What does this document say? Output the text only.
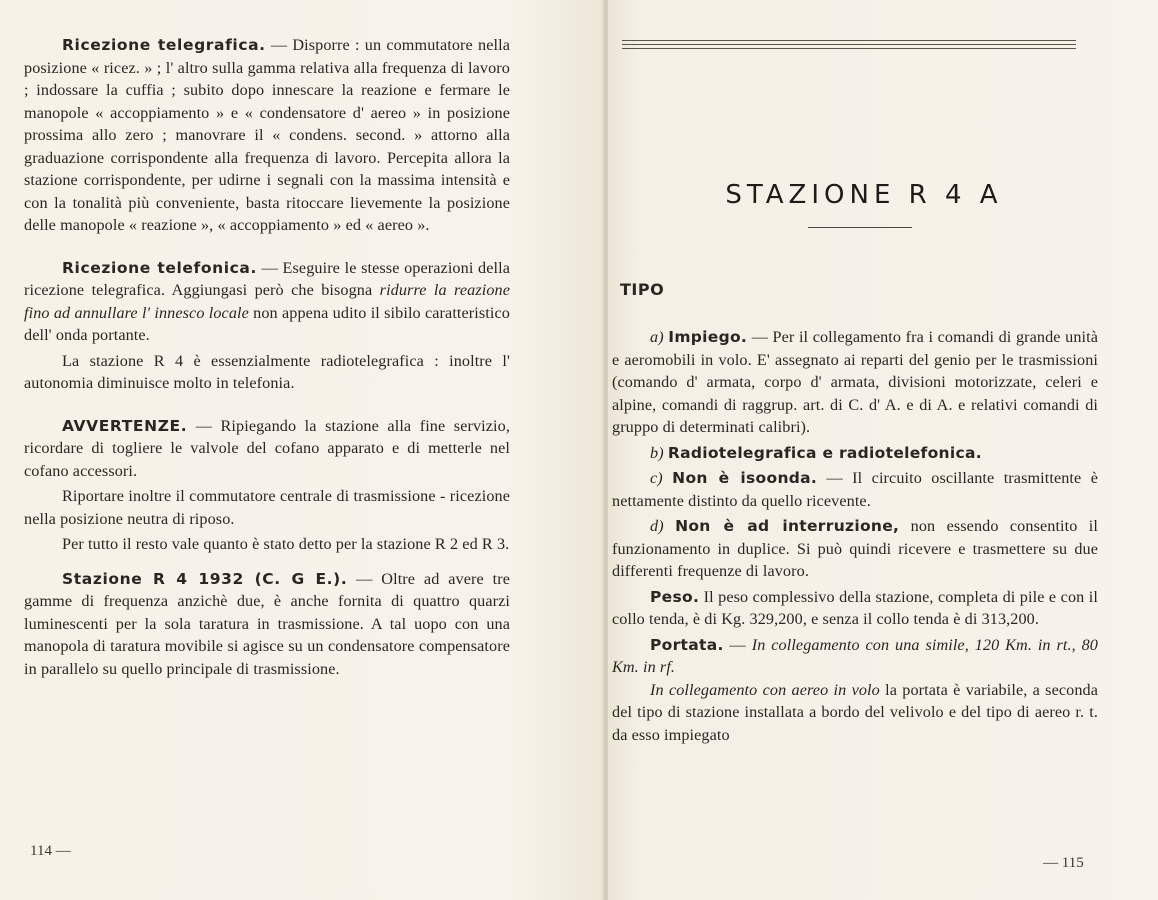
Ricezione telegrafica. — Disporre : un commutatore nella posizione « ricez. » ; l' altro sulla gamma relativa alla frequenza di lavoro ; indossare la cuffia ; subito dopo innescare la reazione e fermare le manopole « accoppiamento » e « condensatore d' aereo » in posizione prossima allo zero ; manovrare il « condens. second. » attorno alla graduazione corrispondente alla frequenza di lavoro. Percepita allora la stazione corrispondente, per udirne i segnali con la massima intensità e con la tonalità più conveniente, basta ritoccare lievemente la posizione delle manopole « reazione », « accoppiamento » ed « aereo ».

Ricezione telefonica. — Eseguire le stesse operazioni della ricezione telegrafica. Aggiungasi però che bisogna ridurre la reazione fino ad annullare l' innesco locale non appena udito il sibilo caratteristico dell' onda portante.

La stazione R 4 è essenzialmente radiotelegrafica : inoltre l' autonomia diminuisce molto in telefonia.

AVVERTENZE. — Ripiegando la stazione alla fine servizio, ricordare di togliere le valvole del cofano apparato e di metterle nel cofano accessori.

Riportare inoltre il commutatore centrale di trasmissione - ricezione nella posizione neutra di riposo.

Per tutto il resto vale quanto è stato detto per la stazione R 2 ed R 3.

Stazione R 4 1932 (C. G E.). — Oltre ad avere tre gamme di frequenza anzichè due, è anche fornita di quattro quarzi luminescenti per la sola taratura in trasmissione. A tal uopo con una manopola di taratura movibile si agisce su un condensatore compensatore in parallelo su quello principale di trasmissione.

114 —
STAZIONE R 4 A
TIPO

a) Impiego. — Per il collegamento fra i comandi di grande unità e aeromobili in volo. E' assegnato ai reparti del genio per le trasmissioni (comando d' armata, corpo d' armata, divisioni motorizzate, celeri e alpine, comandi di raggrup. art. di C. d' A. e di A. e relativi comandi di gruppo di determinati calibri).

b) Radiotelegrafica e radiotelefonica.

c) Non è isoonda. — Il circuito oscillante trasmittente è nettamente distinto da quello ricevente.

d) Non è ad interruzione, non essendo consentito il funzionamento in duplice. Si può quindi ricevere e trasmettere su due differenti frequenze di lavoro.

Peso. Il peso complessivo della stazione, completa di pile e con il collo tenda, è di Kg. 329,200, e senza il collo tenda è di 313,200.

Portata. — In collegamento con una simile, 120 Km. in rt., 80 Km. in rf.

In collegamento con aereo in volo la portata è variabile, a seconda del tipo di stazione installata a bordo del velivolo e del tipo di aereo r. t. da esso impiegato

— 115
